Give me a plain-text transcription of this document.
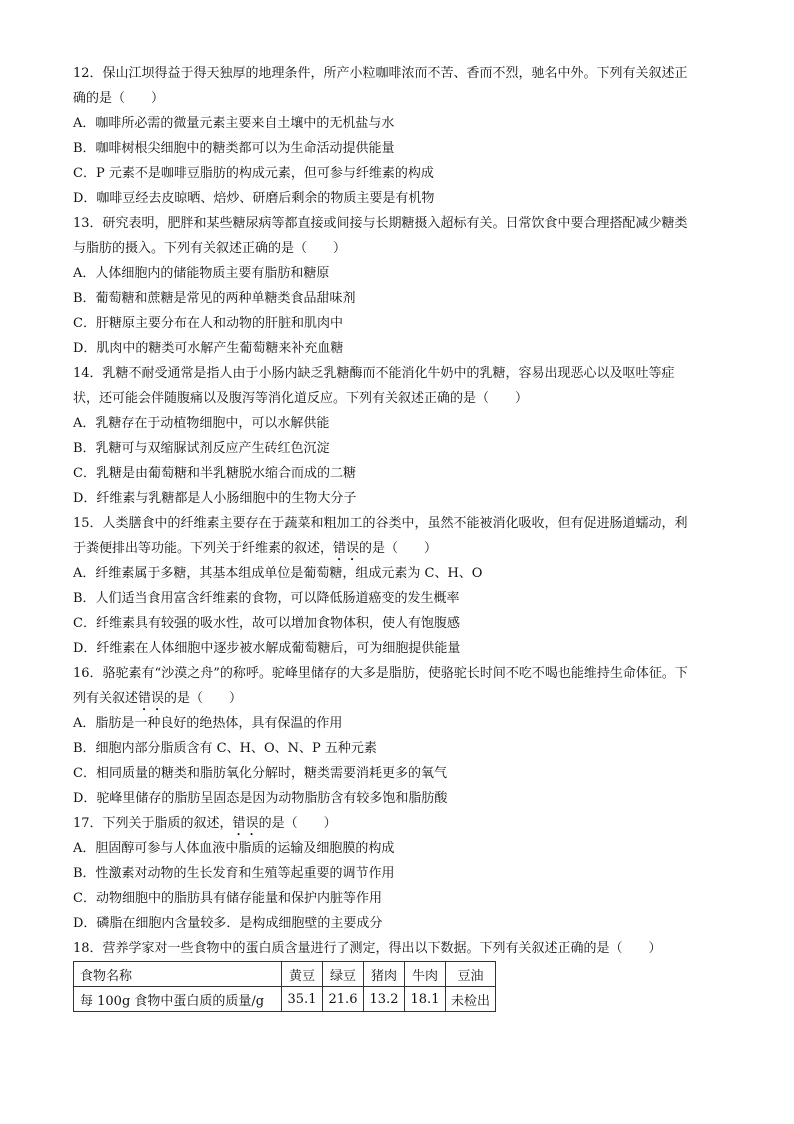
12．保山江坝得益于得天独厚的地理条件，所产小粒咖啡浓而不苦、香而不烈，驰名中外。下列有关叙述正
确的是（　　）
A．咖啡所必需的微量元素主要来自土壤中的无机盐与水
B．咖啡树根尖细胞中的糖类都可以为生命活动提供能量
C．P 元素不是咖啡豆脂肪的构成元素，但可参与纤维素的构成
D．咖啡豆经去皮晾晒、焙炒、研磨后剩余的物质主要是有机物
13．研究表明，肥胖和某些糖尿病等都直接或间接与长期糖摄入超标有关。日常饮食中要合理搭配减少糖类
与脂肪的摄入。下列有关叙述正确的是（　　）
A．人体细胞内的储能物质主要有脂肪和糖原
B．葡萄糖和蔗糖是常见的两种单糖类食品甜味剂
C．肝糖原主要分布在人和动物的肝脏和肌肉中
D．肌肉中的糖类可水解产生葡萄糖来补充血糖
14．乳糖不耐受通常是指人由于小肠内缺乏乳糖酶而不能消化牛奶中的乳糖，容易出现恶心以及呕吐等症
状，还可能会伴随腹痛以及腹泻等消化道反应。下列有关叙述正确的是（　　）
A．乳糖存在于动植物细胞中，可以水解供能
B．乳糖可与双缩脲试剂反应产生砖红色沉淀
C．乳糖是由葡萄糖和半乳糖脱水缩合而成的二糖
D．纤维素与乳糖都是人小肠细胞中的生物大分子
15．人类膳食中的纤维素主要存在于蔬菜和粗加工的谷类中，虽然不能被消化吸收，但有促进肠道蠕动，利
于粪便排出等功能。下列关于纤维素的叙述，错误的是（　　）
A．纤维素属于多糖，其基本组成单位是葡萄糖，组成元素为 C、H、O
B．人们适当食用富含纤维素的食物，可以降低肠道癌变的发生概率
C．纤维素具有较强的吸水性，故可以增加食物体积，使人有饱腹感
D．纤维素在人体细胞中逐步被水解成葡萄糖后，可为细胞提供能量
16．骆驼素有“沙漠之舟”的称呼。驼峰里储存的大多是脂肪，使骆驼长时间不吃不喝也能维持生命体征。下
列有关叙述错误的是（　　）
A．脂肪是一种良好的绝热体，具有保温的作用
B．细胞内部分脂质含有 C、H、O、N、P 五种元素
C．相同质量的糖类和脂肪氧化分解时，糖类需要消耗更多的氧气
D．驼峰里储存的脂肪呈固态是因为动物脂肪含有较多饱和脂肪酸
17．下列关于脂质的叙述，错误的是（　　）
A．胆固醇可参与人体血液中脂质的运输及细胞膜的构成
B．性激素对动物的生长发育和生殖等起重要的调节作用
C．动物细胞中的脂肪具有储存能量和保护内脏等作用
D．磷脂在细胞内含量较多．是构成细胞壁的主要成分
18．营养学家对一些食物中的蛋白质含量进行了测定，得出以下数据。下列有关叙述正确的是（　　）
食物名称	黄豆	绿豆	猪肉	牛肉	豆油
每 100g 食物中蛋白质的质量/g	35.1	21.6	13.2	18.1	未检出
